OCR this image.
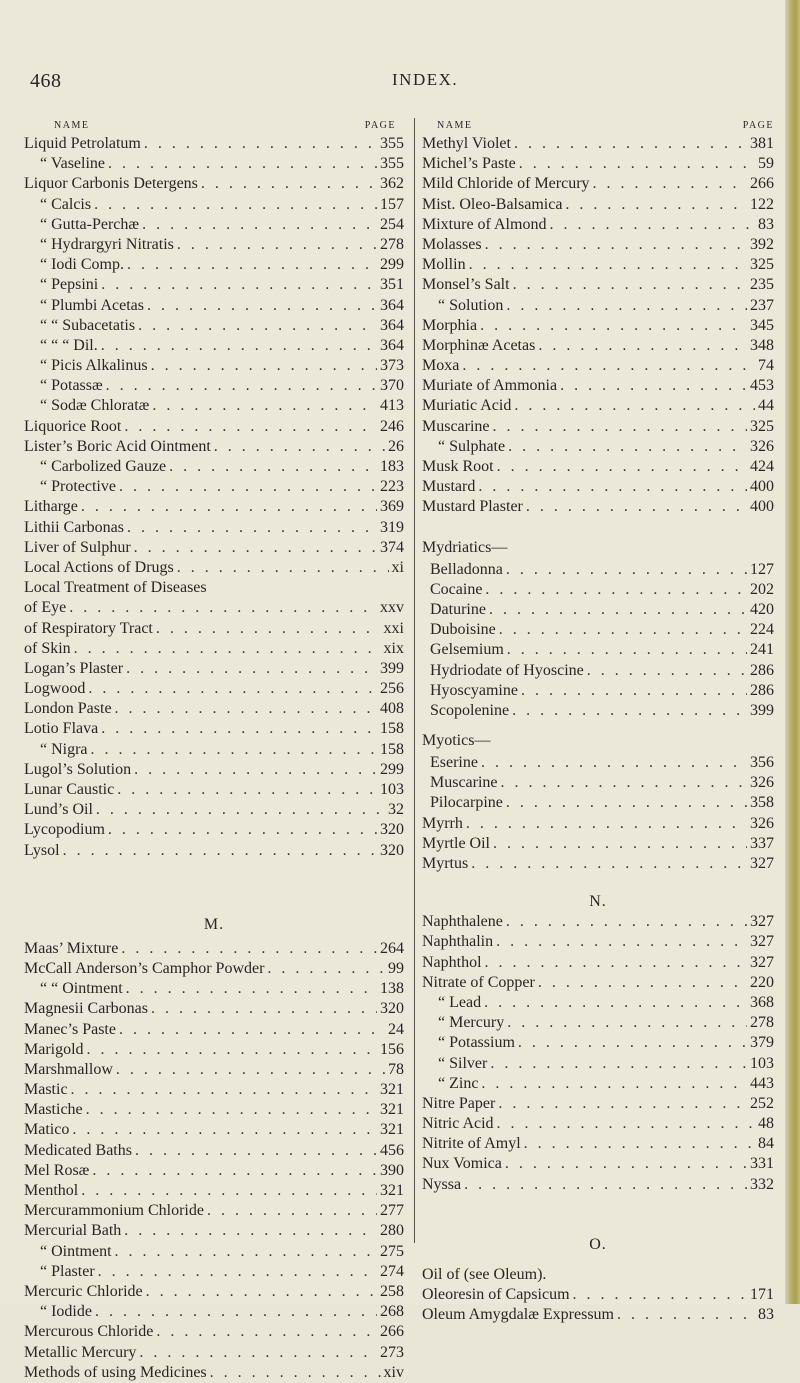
468	INDEX.
NAME	PAGE
Liquid Petrolatum . . .	355
“ Vaseline . . .	355
Liquor Carbonis Detergens . . .	362
“ Calcis . . .	157
“ Gutta-Perchæ . . .	254
“ Hydrargyri Nitratis . . .	278
“ Iodi Comp. . . .	299
“ Pepsini . . .	351
“ Plumbi Acetas . . .	364
“ “ Subacetatis . . .	364
“ “ “ Dil. . . .	364
“ Picis Alkalinus . . .	373
“ Potassæ . . .	370
“ Sodæ Chloratæ . . .	413
Liquorice Root . . .	246
Lister’s Boric Acid Ointment . . .	26
“ Carbolized Gauze . . .	183
“ Protective . . .	223
Litharge . . .	369
Lithii Carbonas . . .	319
Liver of Sulphur . . .	374
Local Actions of Drugs . . .	xi
Local Treatment of Diseases
of Eye . . .	xxv
of Respiratory Tract . . .	xxi
of Skin . . .	xix
Logan’s Plaster . . .	399
Logwood . . .	256
London Paste . . .	408
Lotio Flava . . .	158
“ Nigra . . .	158
Lugol’s Solution . . .	299
Lunar Caustic . . .	103
Lund’s Oil . . .	32
Lycopodium . . .	320
Lysol . . .	320
M.
Maas’ Mixture . . .	264
McCall Anderson’s Camphor Powder . . .	99
“ “ Ointment . . .	138
Magnesii Carbonas . . .	320
Manec’s Paste . . .	24
Marigold . . .	156
Marshmallow . . .	78
Mastic . . .	321
Mastiche . . .	321
Matico . . .	321
Medicated Baths . . .	456
Mel Rosæ . . .	390
Menthol . . .	321
Mercurammonium Chloride . . .	277
Mercurial Bath . . .	280
“ Ointment . . .	275
“ Plaster . . .	274
Mercuric Chloride . . .	258
“ Iodide . . .	268
Mercurous Chloride . . .	266
Metallic Mercury . . .	273
Methods of using Medicines . . .	xiv
NAME	PAGE
Methyl Violet . . .	381
Michel’s Paste . . .	59
Mild Chloride of Mercury . . .	266
Mist. Oleo-Balsamica . . .	122
Mixture of Almond . . .	83
Molasses . . .	392
Mollin . . .	325
Monsel’s Salt . . .	235
“ Solution . . .	237
Morphia . . .	345
Morphinæ Acetas . . .	348
Moxa . . .	74
Muriate of Ammonia . . .	453
Muriatic Acid . . .	44
Muscarine . . .	325
“ Sulphate . . .	326
Musk Root . . .	424
Mustard . . .	400
Mustard Plaster . . .	400
Mydriatics—
Belladonna . . .	127
Cocaine . . .	202
Daturine . . .	420
Duboisine . . .	224
Gelsemium . . .	241
Hydriodate of Hyoscine . . .	286
Hyoscyamine . . .	286
Scopolenine . . .	399
Myotics—
Eserine . . .	356
Muscarine . . .	326
Pilocarpine . . .	358
Myrrh . . .	326
Myrtle Oil . . .	337
Myrtus . . .	327
N.
Naphthalene . . .	327
Naphthalin . . .	327
Naphthol . . .	327
Nitrate of Copper . . .	220
“ Lead . . .	368
“ Mercury . . .	278
“ Potassium . . .	379
“ Silver . . .	103
“ Zinc . . .	443
Nitre Paper . . .	252
Nitric Acid . . .	48
Nitrite of Amyl . . .	84
Nux Vomica . . .	331
Nyssa . . .	332
O.
Oil of (see Oleum).
Oleoresin of Capsicum . . .	171
Oleum Amygdalæ Expressum . . .	83
